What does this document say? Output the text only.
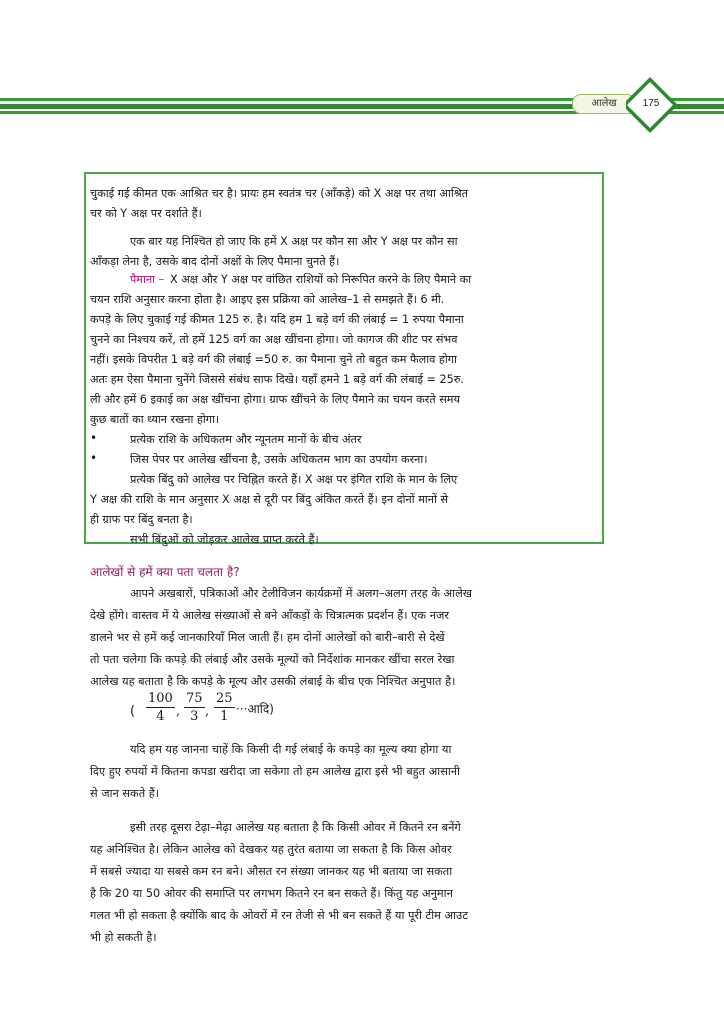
आलेख	175
चुकाई गई कीमत एक आश्रित चर है। प्रायः हम स्वतंत्र चर (आँकड़े) को X अक्ष पर तथा आश्रित
चर को Y अक्ष पर दर्शाते हैं।
एक बार यह निश्चित हो जाए कि हमें X अक्ष पर कौन सा और Y अक्ष पर कौन सा
आँकड़ा लेना है, उसके बाद दोनों अक्षों के लिए पैमाना चुनते हैं।
X अक्ष और Y अक्ष पर वांछित राशियों को निरूपित करने के लिए पैमाने का
चयन राशि अनुसार करना होता है। आइए इस प्रक्रिया को आलेख–1 से समझते हैं। 6 मी.
कपड़े के लिए चुकाई गई कीमत 125 रु. है। यदि हम 1 बड़े वर्ग की लंबाई = 1 रुपया पैमाना
चुनने का निश्चय करें, तो हमें 125 वर्ग का अक्ष खींचना होगा। जो कागज की शीट पर संभव
नहीं। इसके विपरीत 1 बड़े वर्ग की लंबाई =50 रु. का पैमाना चुने तो बहुत कम फैलाव होगा
अतः हम ऐसा पैमाना चुनेंगे जिससे संबंध साफ दिखे। यहाँ हमने 1 बड़े वर्ग की लंबाई = 25रु.
ली और हमें 6 इकाई का अक्ष खींचना होगा। ग्राफ खींचने के लिए पैमाने का चयन करते समय
कुछ बातों का ध्यान रखना होगा।
प्रत्येक राशि के अधिकतम और न्यूनतम मानों के बीच अंतर
जिस पेपर पर आलेख खींचना है, उसके अधिकतम भाग का उपयोग करना।
प्रत्येक बिंदु को आलेख पर चिह्नित करते हैं। X अक्ष पर इंगित राशि के मान के लिए
Y अक्ष की राशि के मान अनुसार X अक्ष से दूरी पर बिंदु अंकित करते हैं। इन दोनों मानों से
ही ग्राफ पर बिंदु बनता है।
सभी बिंदुओं को जोड़कर आलेख प्राप्त करते हैं।
पैमाना –
•
•
आलेखों से हमें क्या पता चलता है?
आपने अखबारों, पत्रिकाओं और टेलीविजन कार्यक्रमों में अलग–अलग तरह के आलेख
देखे होंगे। वास्तव में ये आलेख संख्याओं से बने आँकड़ों के चित्रात्मक प्रदर्शन हैं। एक नजर
डालने भर से हमें कई जानकारियाँ मिल जाती हैं। हम दोनों आलेखों को बारी–बारी से देखें
तो पता चलेगा कि कपड़े की लंबाई और उसके मूल्यों को निर्देशांक मानकर खींचा सरल रेखा
आलेख यह बताता है कि कपड़े के मूल्य और उसकी लंबाई के बीच एक निश्चित अनुपात है।
यदि हम यह जानना चाहें कि किसी दी गई लंबाई के कपड़े का मूल्य क्या होगा या
दिए हुए रुपयों में कितना कपडा खरीदा जा सकेगा तो हम आलेख द्वारा इसे भी बहुत आसानी
से जान सकते हैं।
इसी तरह दूसरा टेढ़ा–मेढ़ा आलेख यह बताता है कि किसी ओवर में कितने रन बनेंगे
यह अनिश्चित है। लेकिन आलेख को देखकर यह तुरंत बताया जा सकता है कि किस ओवर
में सबसे ज्यादा या सबसे कम रन बने। औसत रन संख्या जानकर यह भी बताया जा सकता
है कि 20 या 50 ओवर की समाप्ति पर लगभग कितने रन बन सकते हैं। किंतु यह अनुमान
गलत भी हो सकता है क्योंकि बाद के ओवरों में रन तेजी से भी बन सकते हैं या पूरी टीम आउट
भी हो सकती है।
( $\frac{100}{4}$ , $\frac{75}{3}$ , $\frac{25}{1}$ ···आदि)
